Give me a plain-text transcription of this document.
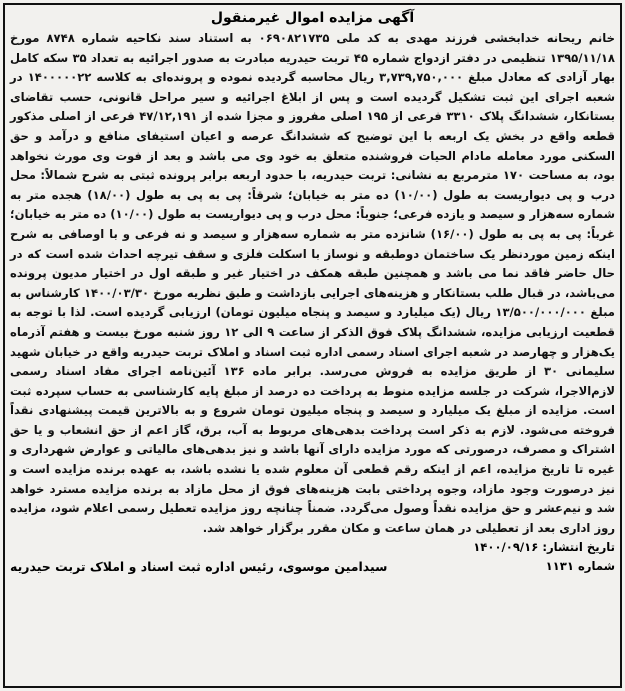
آگهی مزایده اموال غیرمنقول

خانم ریحانه خدابخشی فرزند مهدی به کد ملی ۰۶۹۰۸۲۱۷۳۵ به استناد سند نکاحیه شماره ۸۷۴۸ مورخ ۱۳۹۵/۱۱/۱۸ تنظیمی در دفتر ازدواج شماره ۴۵ تربت حیدریه مبادرت به صدور اجرائیه به تعداد ۳۵ سکه کامل بهار آزادی که معادل مبلغ ۳,۷۳۹,۷۵۰,۰۰۰ ریال محاسبه گردیده نموده و پرونده‌ای به کلاسه ۱۴۰۰۰۰۰۲۲ در شعبه اجرای این ثبت تشکیل گردیده است و پس از ابلاغ اجرائیه و سیر مراحل قانونی، حسب تقاضای بستانکار، ششدانگ پلاک ۳۳۱۰ فرعی از ۱۹۵ اصلی مفروز و مجزا شده از ۴۷/۱۲,۱۹۱ فرعی از اصلی مذکور قطعه واقع در بخش یک اربعه با این توضیح که ششدانگ عرصه و اعیان استیفای منافع و درآمد و حق السکنی مورد معامله مادام الحیات فروشنده متعلق به خود وی می باشد و بعد از فوت وی مورث نخواهد بود، به مساحت ۱۷۰ مترمربع به نشانی: تربت حیدریه، با حدود اربعه برابر پرونده ثبتی به شرح شمالاً: محل درب و پی دیواریست به طول (۱۰/۰۰) ده متر به خیابان؛ شرقاً: پی به پی به طول (۱۸/۰۰) هجده متر به شماره سه‌هزار و سیصد و یازده فرعی؛ جنوباً: محل درب و پی دیواریست به طول (۱۰/۰۰) ده متر به خیابان؛ غرباً: پی به پی به طول (۱۶/۰۰) شانزده متر به شماره سه‌هزار و سیصد و نه فرعی و با اوصافی به شرح اینکه زمین موردنظر یک ساختمان دوطبقه و نوساز با اسکلت فلزی و سقف تیرچه احداث شده است که در حال حاضر فاقد نما می باشد و همچنین طبقه همکف در اختیار غیر و طبقه اول در اختیار مدیون پرونده می‌باشد، در قبال طلب بستانکار و هزینه‌های اجرایی بازداشت و طبق نظریه مورخ ۱۴۰۰/۰۳/۳۰ کارشناس به مبلغ ۱۳/۵۰۰/۰۰۰/۰۰۰ ریال (یک میلیارد و سیصد و پنجاه میلیون تومان) ارزیابی گردیده است. لذا با توجه به قطعیت ارزیابی مزایده، ششدانگ پلاک فوق الذکر از ساعت ۹ الی ۱۲ روز شنبه مورخ بیست و هفتم آذرماه یک‌هزار و چهارصد در شعبه اجرای اسناد رسمی اداره ثبت اسناد و املاک تربت حیدریه واقع در خیابان شهید سلیمانی ۳۰ از طریق مزایده به فروش می‌رسد. برابر ماده ۱۳۶ آئین‌نامه اجرای مفاد اسناد رسمی لازم‌الاجرا، شرکت در جلسه مزایده منوط به پرداخت ده درصد از مبلغ پایه کارشناسی به حساب سپرده ثبت است. مزایده از مبلغ یک میلیارد و سیصد و پنجاه میلیون تومان شروع و به بالاترین قیمت پیشنهادی نقداً فروخته می‌شود. لازم به ذکر است پرداخت بدهی‌های مربوط به آب، برق، گاز اعم از حق انشعاب و یا حق اشتراک و مصرف، درصورتی که مورد مزایده دارای آنها باشد و نیز بدهی‌های مالیاتی و عوارض شهرداری و غیره تا تاریخ مزایده، اعم از اینکه رقم قطعی آن معلوم شده یا نشده باشد، به عهده برنده مزایده است و نیز درصورت وجود مازاد، وجوه پرداختی بابت هزینه‌های فوق از محل مازاد به برنده مزایده مسترد خواهد شد و نیم‌عشر و حق مزایده نقداً وصول می‌گردد. ضمناً چنانچه روز مزایده تعطیل رسمی اعلام شود، مزایده روز اداری بعد از تعطیلی در همان ساعت و مکان مقرر برگزار خواهد شد.

تاریخ انتشار: ۱۴۰۰/۰۹/۱۶
شماره ۱۱۳۱
سیدامین موسوی، رئیس اداره ثبت اسناد و املاک تربت حیدریه
